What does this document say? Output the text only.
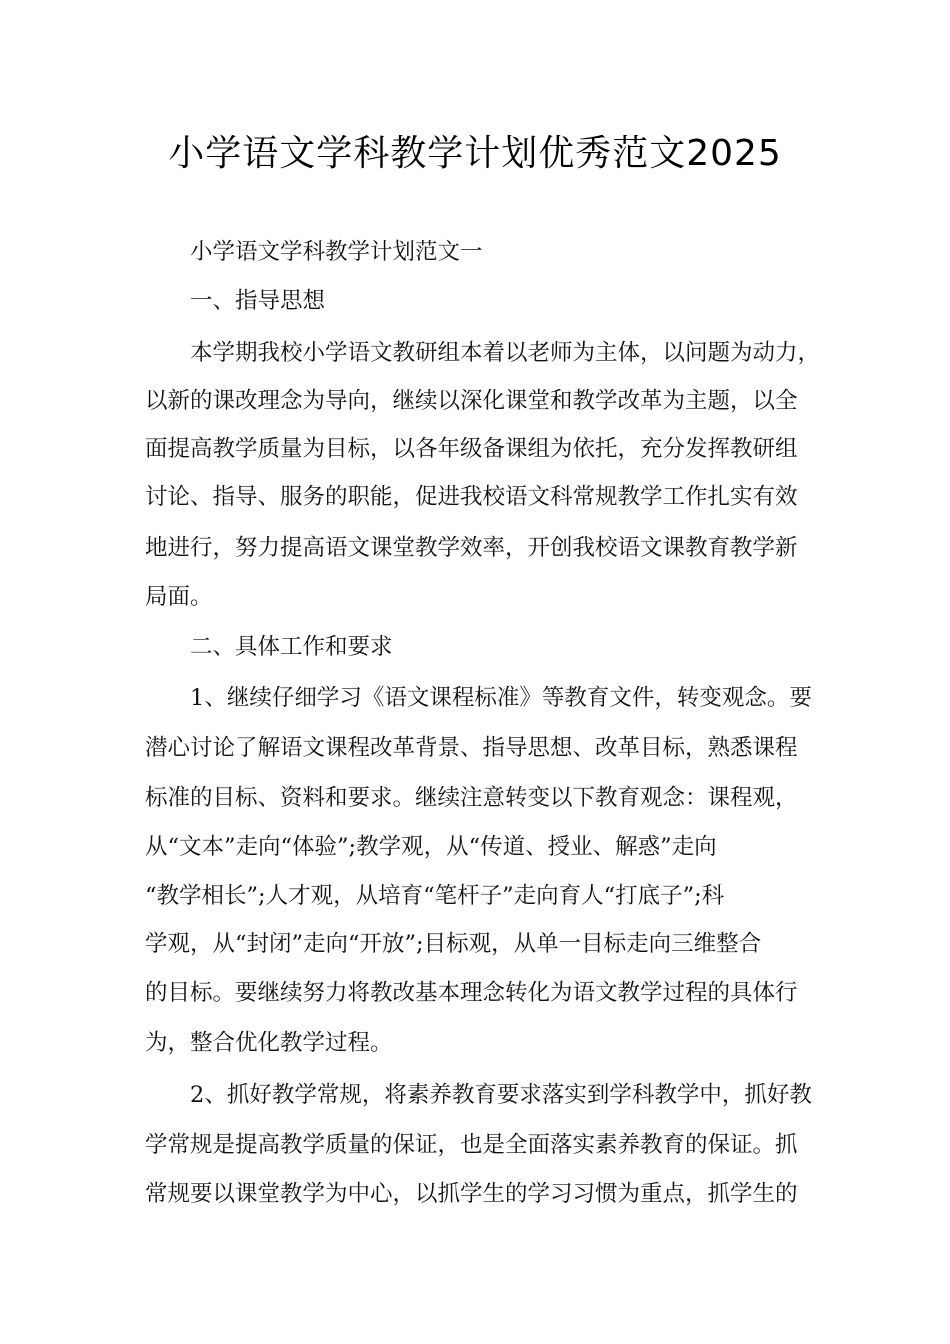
小学语文学科教学计划优秀范文2025
小学语文学科教学计划范文一
一、指导思想
本学期我校小学语文教研组本着以老师为主体，以问题为动力，
以新的课改理念为导向，继续以深化课堂和教学改革为主题，以全
面提高教学质量为目标，以各年级备课组为依托，充分发挥教研组
讨论、指导、服务的职能，促进我校语文科常规教学工作扎实有效
地进行，努力提高语文课堂教学效率，开创我校语文课教育教学新
局面。
二、具体工作和要求
1、继续仔细学习《语文课程标准》等教育文件，转变观念。要
潜心讨论了解语文课程改革背景、指导思想、改革目标，熟悉课程
标准的目标、资料和要求。继续注意转变以下教育观念：课程观，
从“文本”走向“体验”;教学观，从“传道、授业、解惑”走向
“教学相长”;人才观，从培育“笔杆子”走向育人“打底子”;科
学观，从“封闭”走向“开放”;目标观，从单一目标走向三维整合
的目标。要继续努力将教改基本理念转化为语文教学过程的具体行
为，整合优化教学过程。
2、抓好教学常规，将素养教育要求落实到学科教学中，抓好教
学常规是提高教学质量的保证，也是全面落实素养教育的保证。抓
常规要以课堂教学为中心，以抓学生的学习习惯为重点，抓学生的
